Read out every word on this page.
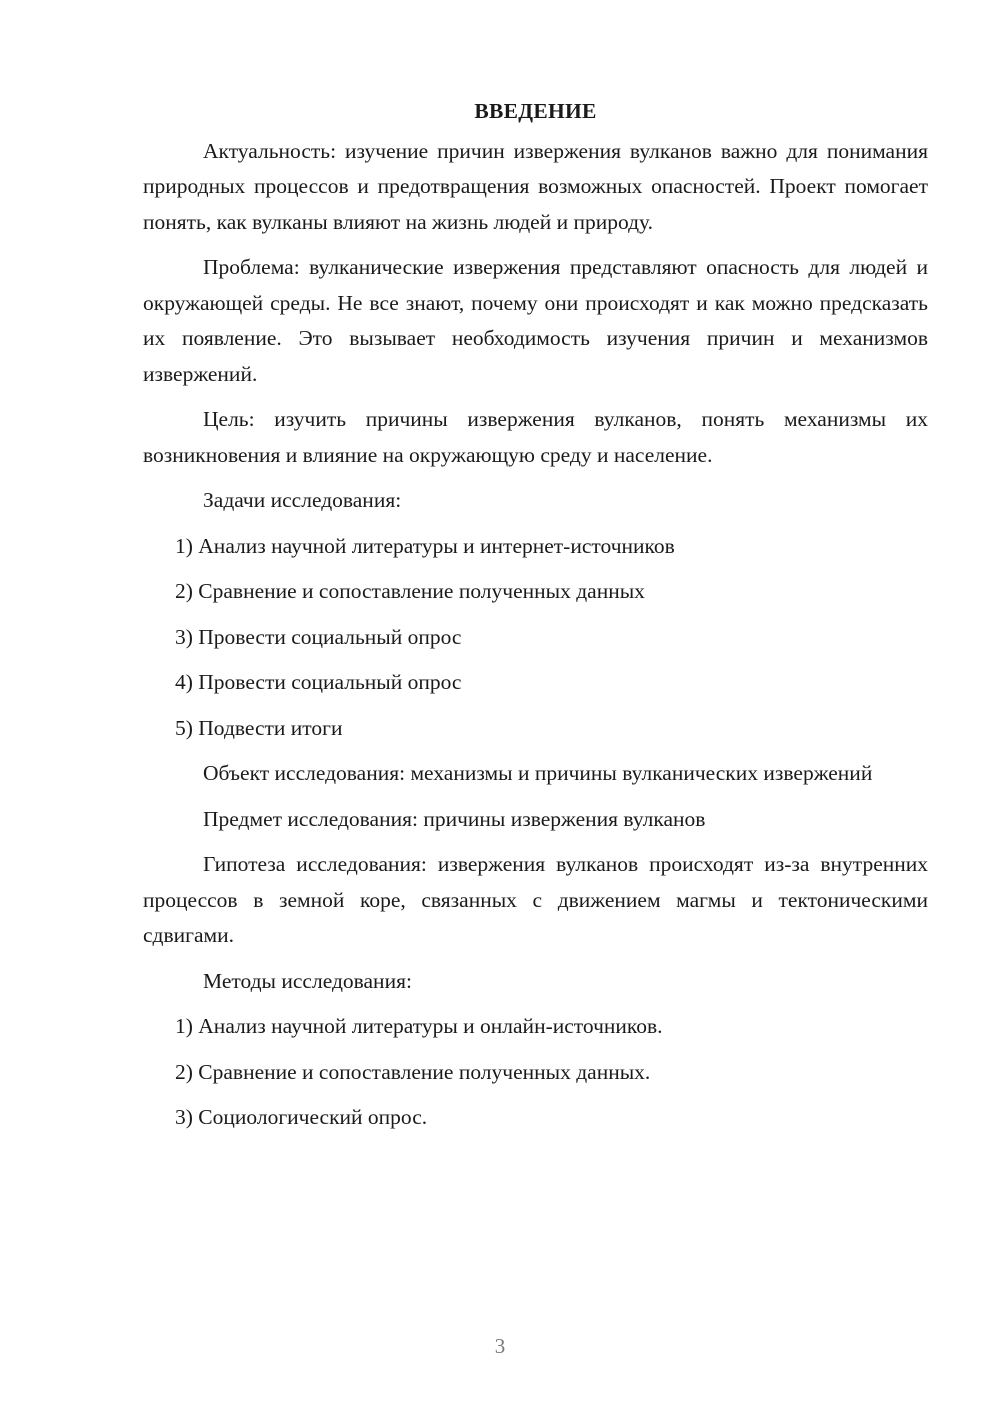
ВВЕДЕНИЕ

Актуальность: изучение причин извержения вулканов важно для понимания природных процессов и предотвращения возможных опасностей. Проект помогает понять, как вулканы влияют на жизнь людей и природу.

Проблема: вулканические извержения представляют опасность для людей и окружающей среды. Не все знают, почему они происходят и как можно предсказать их появление. Это вызывает необходимость изучения причин и механизмов извержений.

Цель: изучить причины извержения вулканов, понять механизмы их возникновения и влияние на окружающую среду и население.

Задачи исследования:

1) Анализ научной литературы и интернет-источников
2) Сравнение и сопоставление полученных данных
3) Провести социальный опрос
4) Провести социальный опрос
5) Подвести итоги

Объект исследования: механизмы и причины вулканических извержений

Предмет исследования: причины извержения вулканов

Гипотеза исследования: извержения вулканов происходят из-за внутренних процессов в земной коре, связанных с движением магмы и тектоническими сдвигами.

Методы исследования:

1) Анализ научной литературы и онлайн-источников.
2) Сравнение и сопоставление полученных данных.
3) Социологический опрос.
3
